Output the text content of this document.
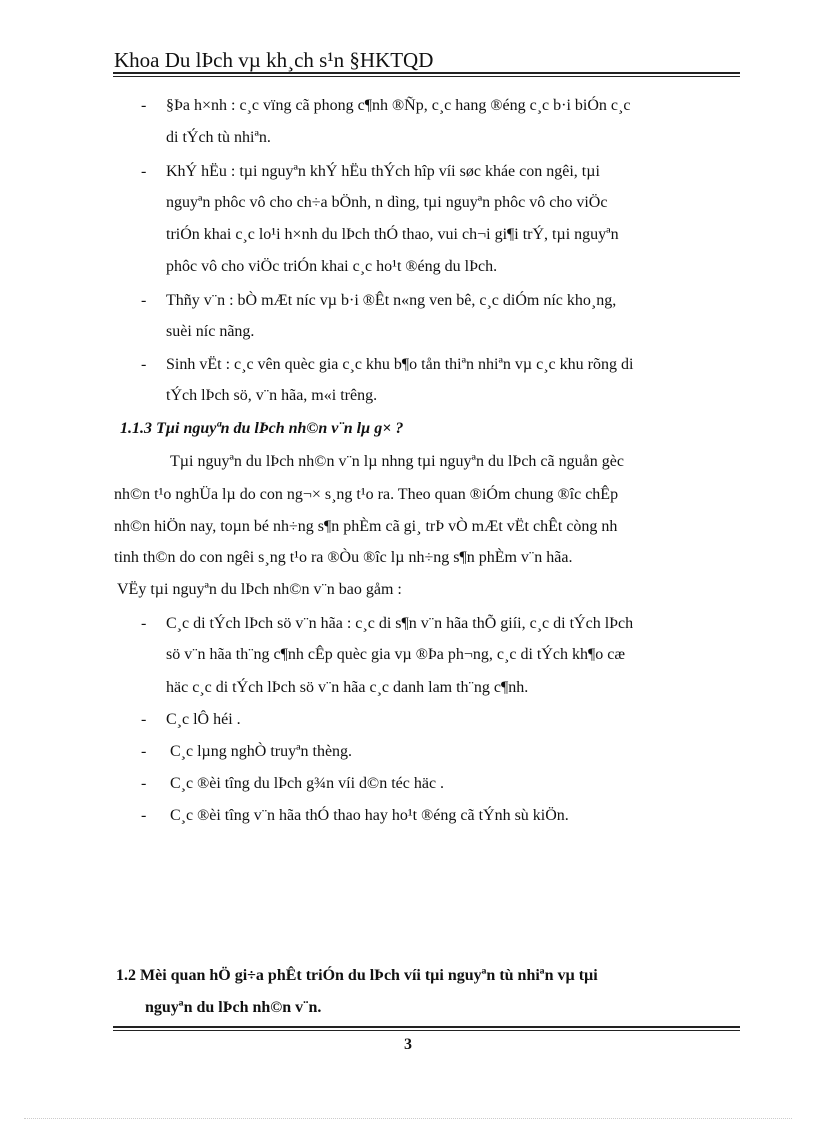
Khoa Du lÞch vµ kh¸ch s¹n §HKTQD
- §Þa h×nh : c¸c vïng cã phong c¶nh ®Ñp, c¸c hang ®éng c¸c b·i biÓn c¸c
di tÝch tù nhiªn.
- KhÝ hËu : tµi nguyªn khÝ hËu thÝch hîp víi søc kháe con ngêi, tµi
nguyªn phôc vô cho ch÷a bÖnh, n dìng, tµi nguyªn phôc vô cho viÖc
triÓn khai c¸c lo¹i h×nh du lÞch thÓ thao, vui ch¬i gi¶i trÝ, tµi nguyªn
phôc vô cho viÖc triÓn khai c¸c ho¹t ®éng du lÞch.
- Thñy v¨n : bÒ mÆt níc vµ b·i ®Êt n«ng ven bê, c¸c diÓm níc kho¸ng,
suèi níc nãng.
- Sinh vËt : c¸c vên quèc gia c¸c khu b¶o tån thiªn nhiªn vµ c¸c khu rõng di
tÝch lÞch sö, v¨n hãa, m«i trêng.
1.1.3 Tµi nguyªn du lÞch nh©n v¨n lµ g× ?
Tµi nguyªn du lÞch nh©n v¨n lµ nhng tµi nguyªn du lÞch cã nguån gèc
nh©n t¹o nghÜa lµ do con ng¬× s¸ng t¹o ra. Theo quan ®iÓm chung ®îc chÊp
nh©n hiÖn nay, toµn bé nh÷ng s¶n phÈm cã gi¸ trÞ vÒ mÆt vËt chÊt còng nh
tinh th©n do con ngêi s¸ng t¹o ra ®Òu ®îc lµ nh÷ng s¶n phÈm v¨n hãa.
VËy tµi nguyªn du lÞch nh©n v¨n bao gåm :
- C¸c di tÝch lÞch sö v¨n hãa : c¸c di s¶n v¨n hãa thÕ giíi, c¸c di tÝch lÞch
sö v¨n hãa th¨ng c¶nh cÊp quèc gia vµ ®Þa ph¬ng, c¸c di tÝch kh¶o cæ
häc c¸c di tÝch lÞch sö v¨n hãa c¸c danh lam th¨ng c¶nh.
- C¸c lÔ héi .
- C¸c lµng nghÒ truyªn thèng.
- C¸c ®èi tîng du lÞch g¾n víi d©n téc häc .
- C¸c ®èi tîng v¨n hãa thÓ thao hay ho¹t ®éng cã tÝnh sù kiÖn.
1.2 Mèi quan hÖ gi÷a phÊt triÓn du lÞch víi tµi nguyªn tù nhiªn vµ tµi
nguyªn du lÞch nh©n v¨n.
3
